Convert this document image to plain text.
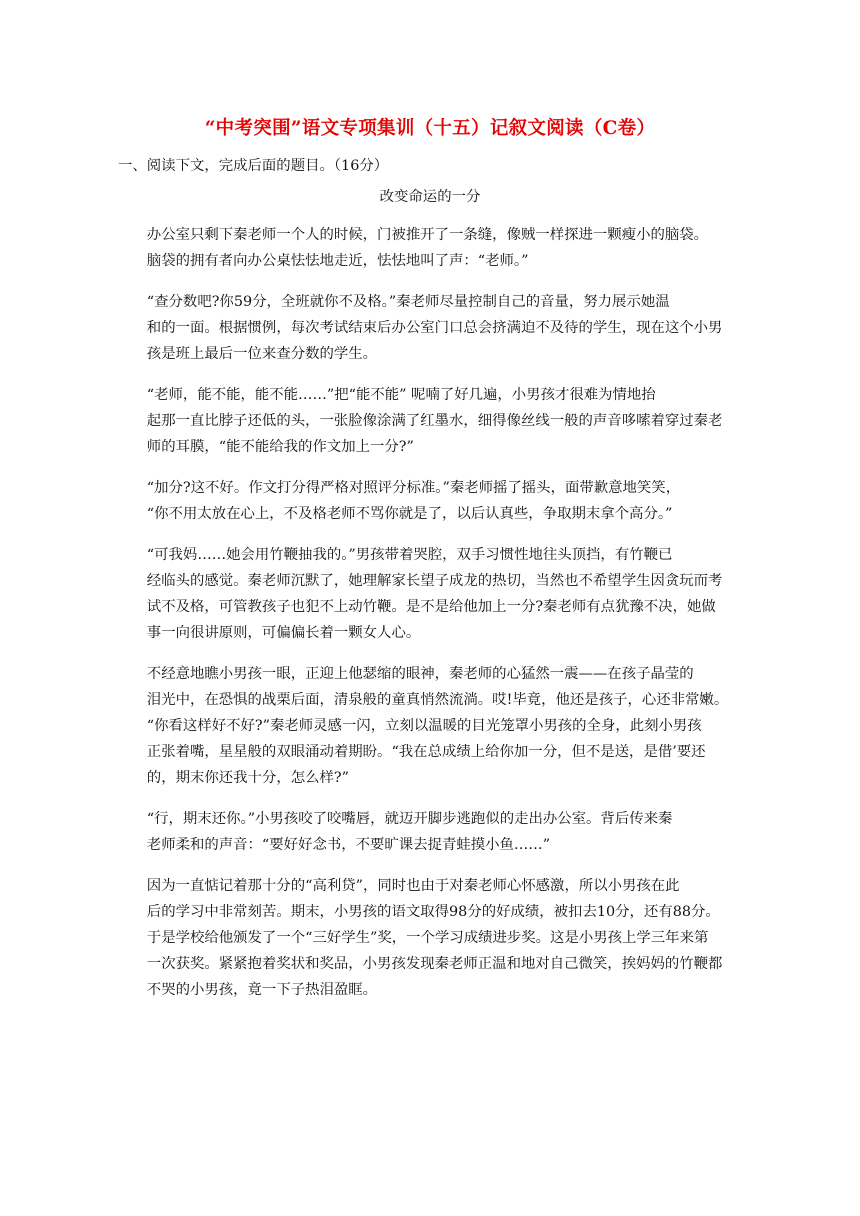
“中考突围”语文专项集训（十五）记叙文阅读（C卷）
一、阅读下文，完成后面的题目。（16分）
改变命运的一分

办公室只剩下秦老师一个人的时候，门被推开了一条缝，像贼一样探进一颗瘦小的脑袋。
脑袋的拥有者向办公桌怯怯地走近，怯怯地叫了声：“老师。”

“查分数吧?你59分，全班就你不及格。”秦老师尽量控制自己的音量，努力展示她温
和的一面。根据惯例，每次考试结束后办公室门口总会挤满迫不及待的学生，现在这个小男
孩是班上最后一位来查分数的学生。

“老师，能不能，能不能……”把“能不能” 呢喃了好几遍，小男孩才很难为情地抬
起那一直比脖子还低的头，一张脸像涂满了红墨水，细得像丝线一般的声音哆嗦着穿过秦老
师的耳膜，“能不能给我的作文加上一分?”

“加分?这不好。作文打分得严格对照评分标准。”秦老师摇了摇头，面带歉意地笑笑，
“你不用太放在心上，不及格老师不骂你就是了，以后认真些，争取期末拿个高分。”

“可我妈……她会用竹鞭抽我的。”男孩带着哭腔，双手习惯性地往头顶挡，有竹鞭已
经临头的感觉。秦老师沉默了，她理解家长望子成龙的热切，当然也不希望学生因贪玩而考
试不及格，可管教孩子也犯不上动竹鞭。是不是给他加上一分?秦老师有点犹豫不决，她做
事一向很讲原则，可偏偏长着一颗女人心。

不经意地瞧小男孩一眼，正迎上他瑟缩的眼神，秦老师的心猛然一震——在孩子晶莹的
泪光中，在恐惧的战栗后面，清泉般的童真悄然流淌。哎!毕竟，他还是孩子，心还非常嫩。
“你看这样好不好?”秦老师灵感一闪，立刻以温暖的目光笼罩小男孩的全身，此刻小男孩
正张着嘴，星星般的双眼涌动着期盼。“我在总成绩上给你加一分，但不是送，是借’要还
的，期末你还我十分，怎么样?”

“行，期末还你。”小男孩咬了咬嘴唇，就迈开脚步逃跑似的走出办公室。背后传来秦
老师柔和的声音：“要好好念书，不要旷课去捉青蛙摸小鱼……”

因为一直惦记着那十分的“高利贷”，同时也由于对秦老师心怀感激，所以小男孩在此
后的学习中非常刻苦。期末，小男孩的语文取得98分的好成绩，被扣去10分，还有88分。
于是学校给他颁发了一个“三好学生”奖，一个学习成绩进步奖。这是小男孩上学三年来第
一次获奖。紧紧抱着奖状和奖品，小男孩发现秦老师正温和地对自己微笑，挨妈妈的竹鞭都
不哭的小男孩，竟一下子热泪盈眶。
